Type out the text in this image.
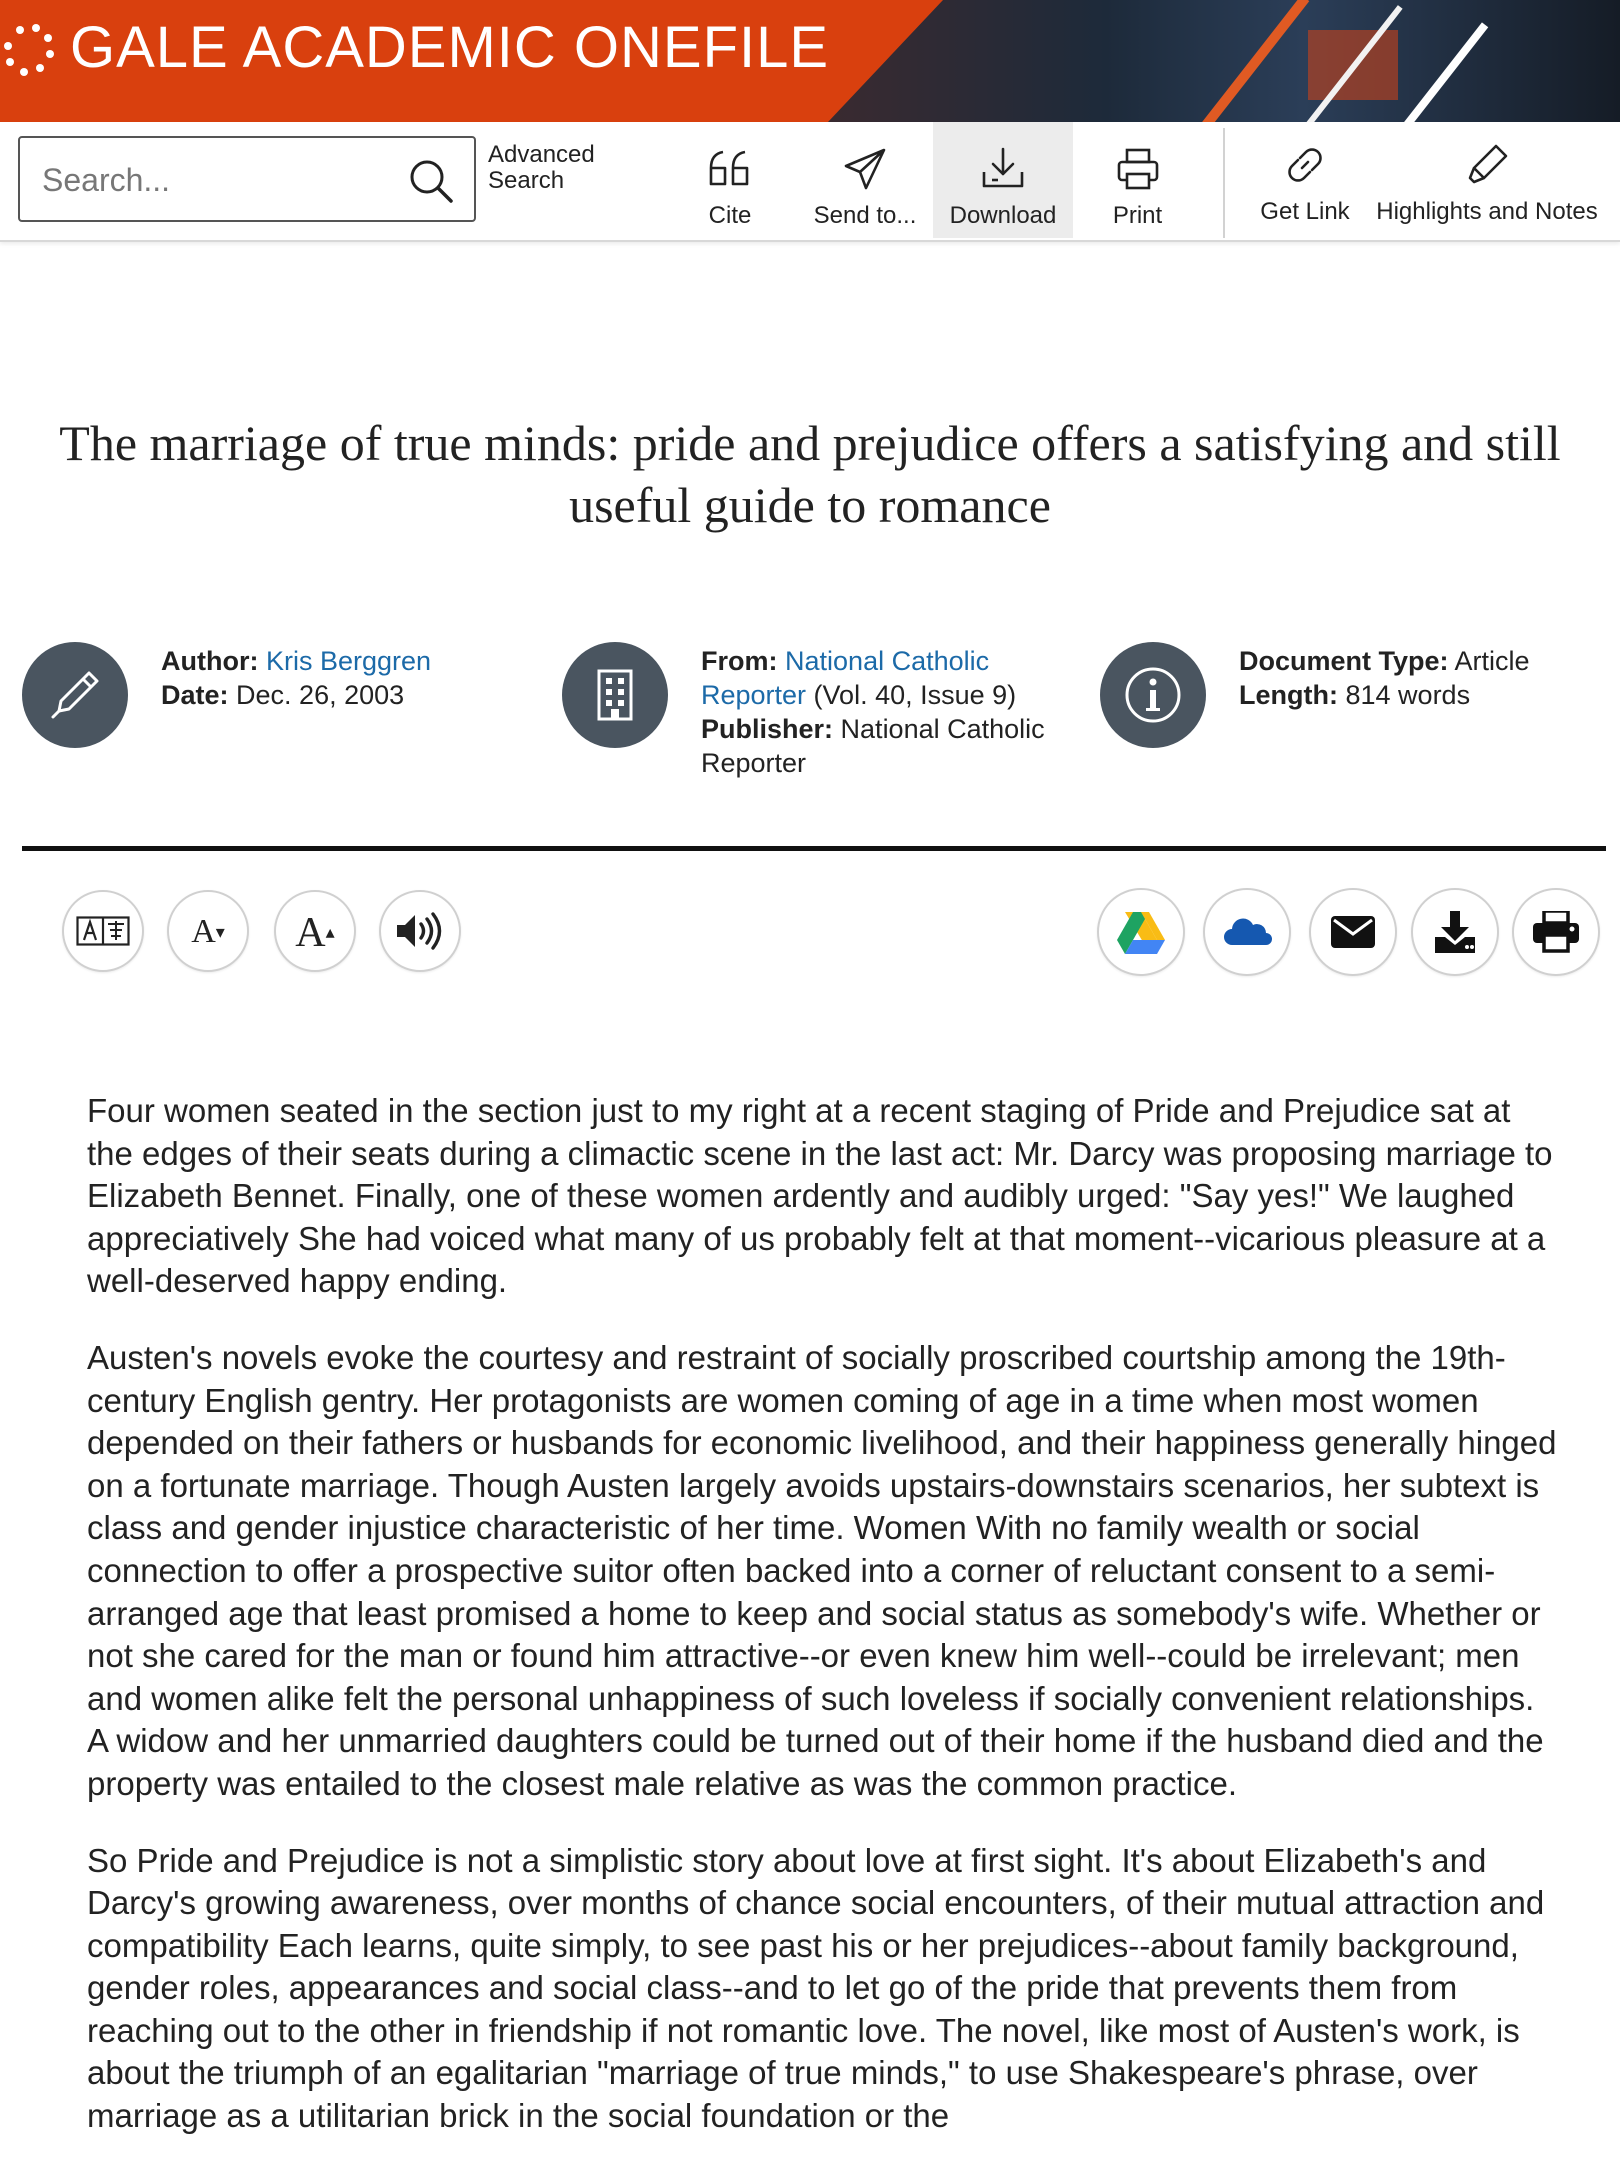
GALE ACADEMIC ONEFILE
Search...
Advanced
Search
Cite	Send to...	Download	Print	Get Link	Highlights and Notes
The marriage of true minds: pride and prejudice offers a satisfying and still useful guide to romance
Author: Kris Berggren
Date: Dec. 26, 2003
From: National Catholic
Reporter (Vol. 40, Issue 9)
Publisher: National Catholic
Reporter
Document Type: Article
Length: 814 words
A▾	A▴

Four women seated in the section just to my right at a recent staging of Pride and Prejudice sat at the edges of their seats during a climactic scene in the last act: Mr. Darcy was proposing marriage to Elizabeth Bennet. Finally, one of these women ardently and audibly urged: "Say yes!" We laughed appreciatively She had voiced what many of us probably felt at that moment--vicarious pleasure at a well-deserved happy ending.

Austen's novels evoke the courtesy and restraint of socially proscribed courtship among the 19th-century English gentry. Her protagonists are women coming of age in a time when most women depended on their fathers or husbands for economic livelihood, and their happiness generally hinged on a fortunate marriage. Though Austen largely avoids upstairs-downstairs scenarios, her subtext is class and gender injustice characteristic of her time. Women With no family wealth or social connection to offer a prospective suitor often backed into a corner of reluctant consent to a semi-arranged age that least promised a home to keep and social status as somebody's wife. Whether or not she cared for the man or found him attractive--or even knew him well--could be irrelevant; men and women alike felt the personal unhappiness of such loveless if socially convenient relationships. A widow and her unmarried daughters could be turned out of their home if the husband died and the property was entailed to the closest male relative as was the common practice.

So Pride and Prejudice is not a simplistic story about love at first sight. It's about Elizabeth's and Darcy's growing awareness, over months of chance social encounters, of their mutual attraction and compatibility Each learns, quite simply, to see past his or her prejudices--about family background, gender roles, appearances and social class--and to let go of the pride that prevents them from reaching out to the other in friendship if not romantic love. The novel, like most of Austen's work, is about the triumph of an egalitarian "marriage of true minds," to use Shakespeare's phrase, over marriage as a utilitarian brick in the social foundation or the
